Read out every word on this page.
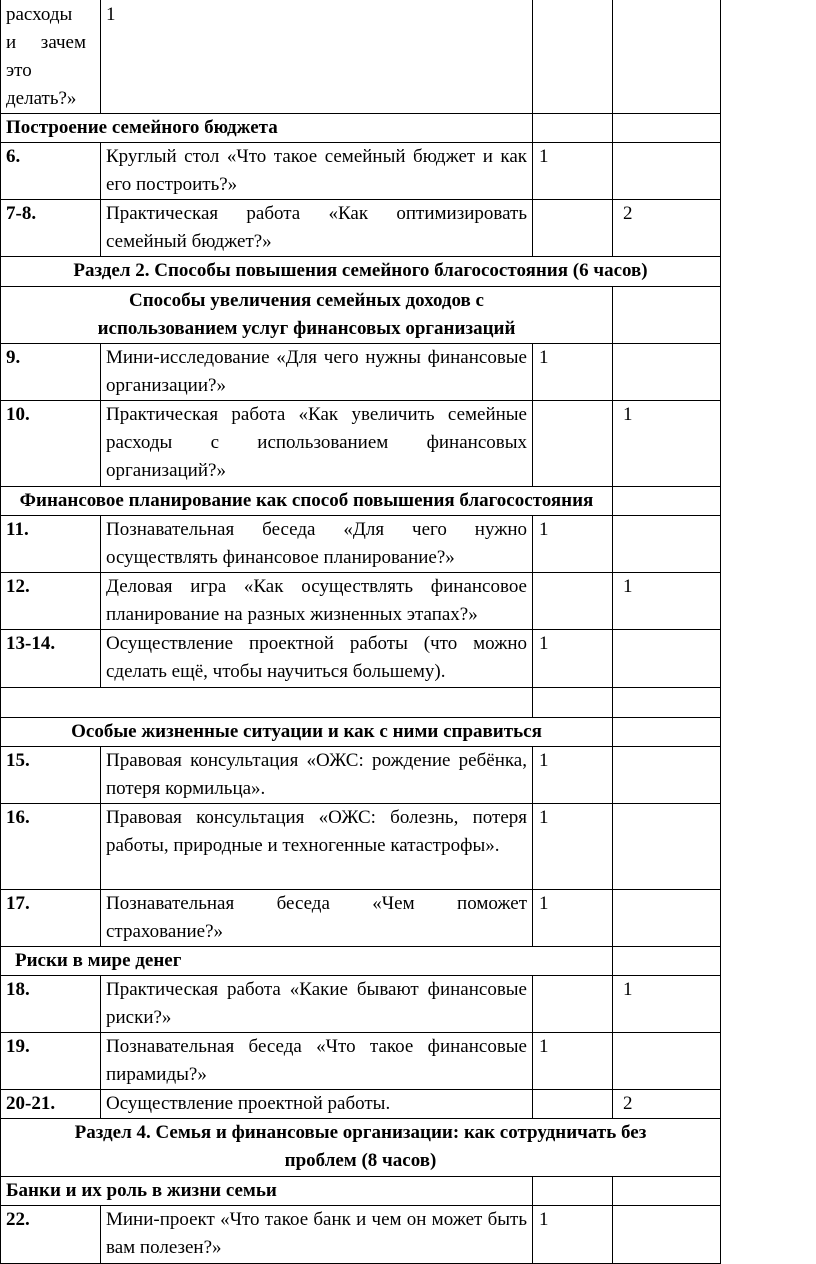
расходы и зачем это делать?»	1		
Построение семейного бюджета			
6.	Круглый стол «Что такое семейный бюджет и как его построить?»	1	
7-8.	Практическая работа «Как оптимизировать семейный бюджет?»		2
Раздел 2. Способы повышения семейного благосостояния (6 часов)			
Способы увеличения семейных доходов с использованием услуг финансовых организаций			
9.	Мини-исследование «Для чего нужны финансовые организации?»	1	
10.	Практическая работа «Как увеличить семейные расходы с использованием финансовых организаций?»		1
Финансовое планирование как способ повышения благосостояния			
11.	Познавательная беседа «Для чего нужно осуществлять финансовое планирование?»	1	
12.	Деловая игра «Как осуществлять финансовое планирование на разных жизненных этапах?»		1
13-14.	Осуществление проектной работы (что можно сделать ещё, чтобы научиться большему).	1	

Особые жизненные ситуации и как с ними справиться			
15.	Правовая консультация «ОЖС: рождение ребёнка, потеря кормильца».	1	
16.	Правовая консультация «ОЖС: болезнь, потеря работы, природные и техногенные катастрофы».	1	
17.	Познавательная беседа «Чем поможет страхование?»	1	
Риски в мире денег			
18.	Практическая работа «Какие бывают финансовые риски?»		1
19.	Познавательная беседа «Что такое финансовые пирамиды?»	1	
20-21.	Осуществление проектной работы.		2
Раздел 4. Семья и финансовые организации: как сотрудничать без проблем (8 часов)			
Банки и их роль в жизни семьи			
22.	Мини-проект «Что такое банк и чем он может быть вам полезен?»	1	
